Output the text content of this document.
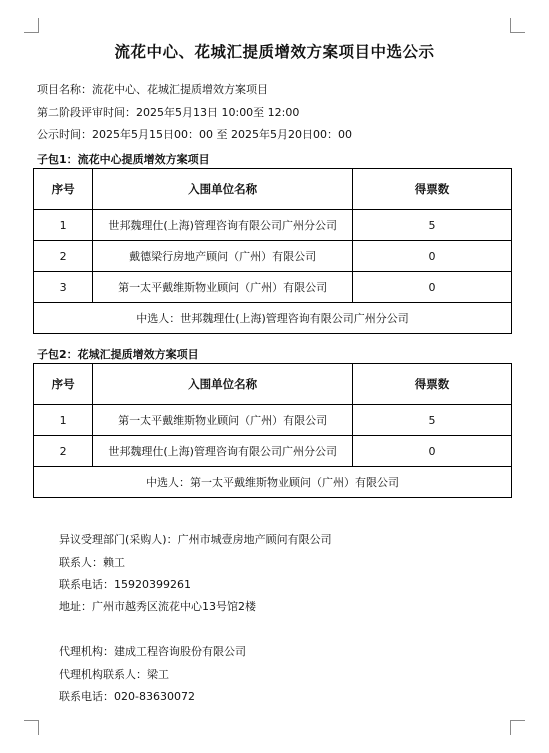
流花中心、花城汇提质增效方案项目中选公示
项目名称：流花中心、花城汇提质增效方案项目
第二阶段评审时间：2025年5月13日 10:00至 12:00
公示时间：2025年5月15日00：00 至 2025年5月20日00：00
子包1：流花中心提质增效方案项目
序号	入围单位名称	得票数
1	世邦魏理仕(上海)管理咨询有限公司广州分公司	5
2	戴德梁行房地产顾问（广州）有限公司	0
3	第一太平戴维斯物业顾问（广州）有限公司	0
中选人：世邦魏理仕(上海)管理咨询有限公司广州分公司		
子包2：花城汇提质增效方案项目
序号	入围单位名称	得票数
1	第一太平戴维斯物业顾问（广州）有限公司	5
2	世邦魏理仕(上海)管理咨询有限公司广州分公司	0
中选人：第一太平戴维斯物业顾问（广州）有限公司		
异议受理部门(采购人)：广州市城壹房地产顾问有限公司
联系人：赖工
联系电话：15920399261
地址：广州市越秀区流花中心13号馆2楼
代理机构：建成工程咨询股份有限公司
代理机构联系人：梁工
联系电话：020-83630072
